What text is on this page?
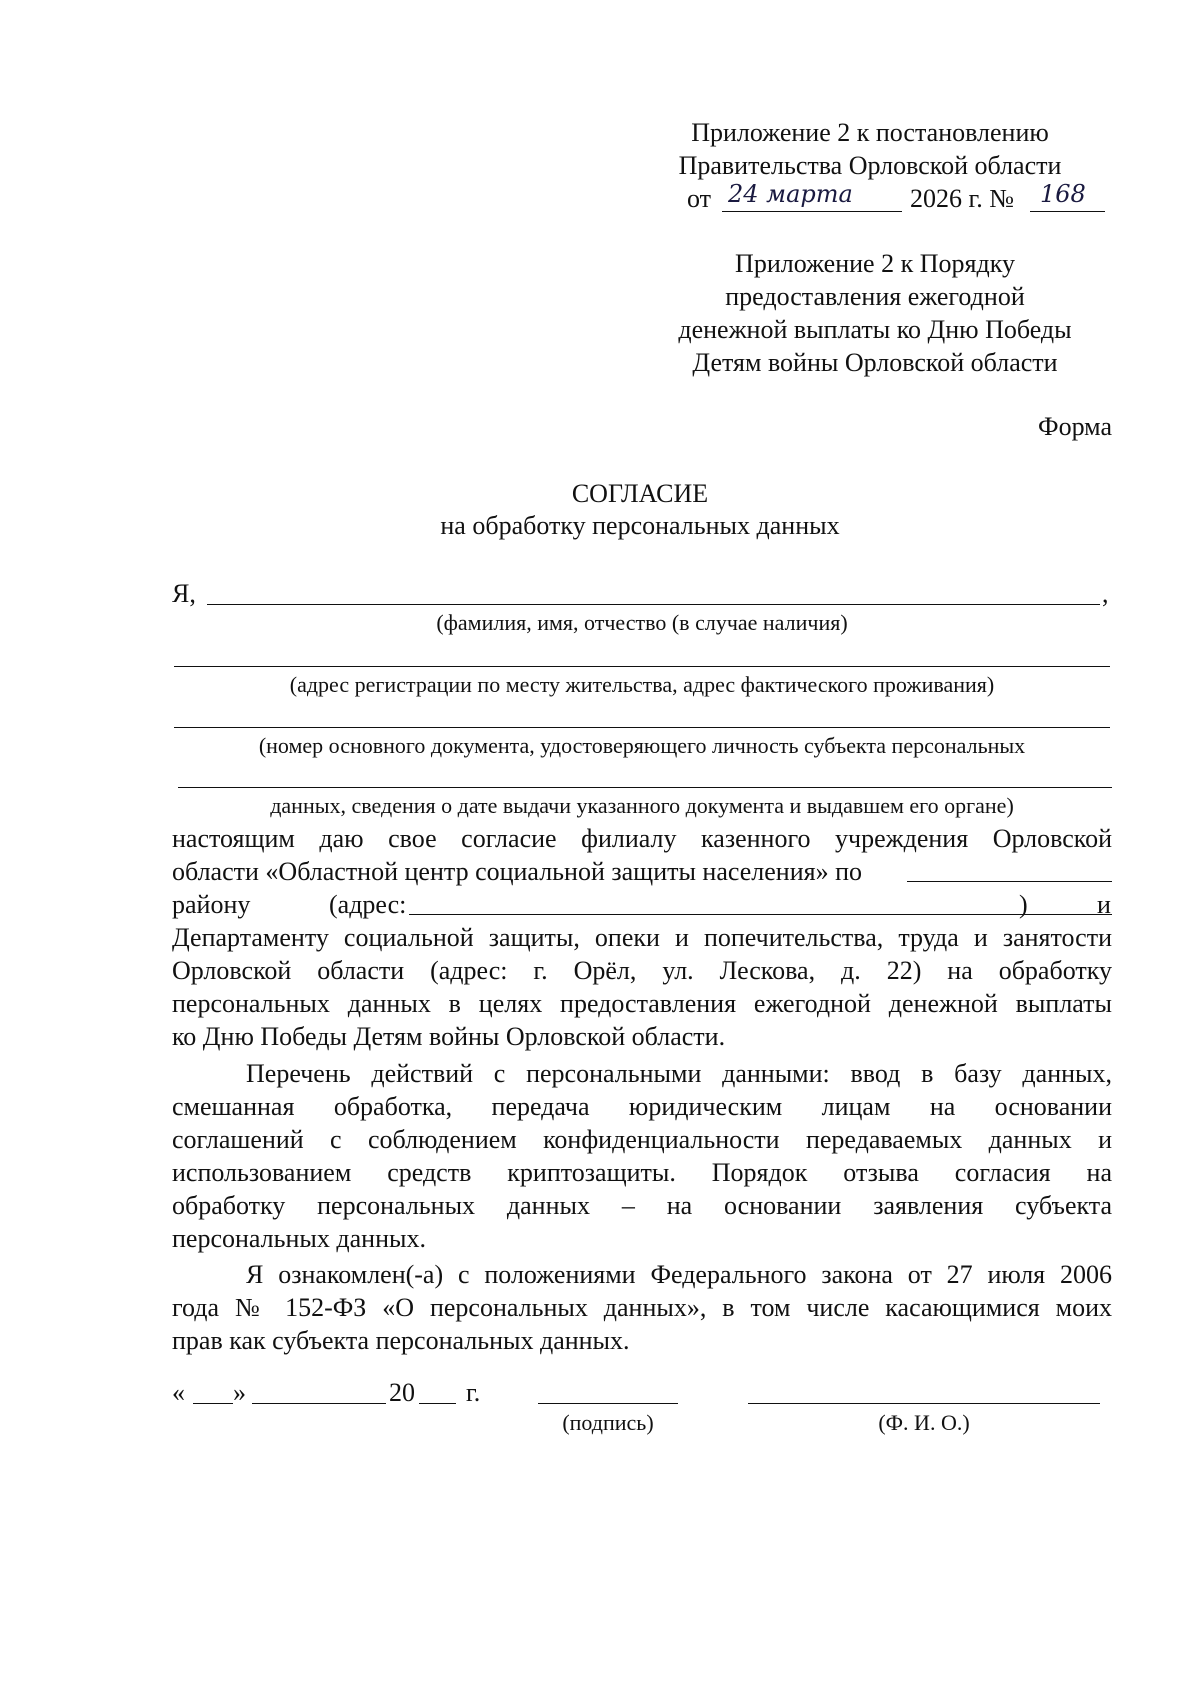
Приложение 2 к постановлению
Правительства Орловской области
от 24 марта 2026 г. № 168
Приложение 2 к Порядку
предоставления ежегодной
денежной выплаты ко Дню Победы
Детям войны Орловской области
Форма
СОГЛАСИЕ
на обработку персональных данных
Я,	,
(фамилия, имя, отчество (в случае наличия)
(адрес регистрации по месту жительства, адрес фактического проживания)
(номер основного документа, удостоверяющего личность субъекта персональных
данных, сведения о дате выдачи указанного документа и выдавшем его органе)
настоящим даю свое согласие филиалу казенного учреждения Орловской
области «Областной центр социальной защиты населения» по
району	(адрес:	)	и
Департаменту социальной защиты, опеки и попечительства, труда и занятости
Орловской области (адрес: г. Орёл, ул. Лескова, д. 22) на обработку
персональных данных в целях предоставления ежегодной денежной выплаты
ко Дню Победы Детям войны Орловской области.
Перечень действий с персональными данными: ввод в базу данных,
смешанная обработка, передача юридическим лицам на основании
соглашений с соблюдением конфиденциальности передаваемых данных и
использованием средств криптозащиты. Порядок отзыва согласия на
обработку персональных данных – на основании заявления субъекта
персональных данных.
Я ознакомлен(-а) с положениями Федерального закона от 27 июля 2006
года № 152-ФЗ «О персональных данных», в том числе касающимися моих
прав как субъекта персональных данных.
« »	20 г.
(подпись)	(Ф. И. О.)
